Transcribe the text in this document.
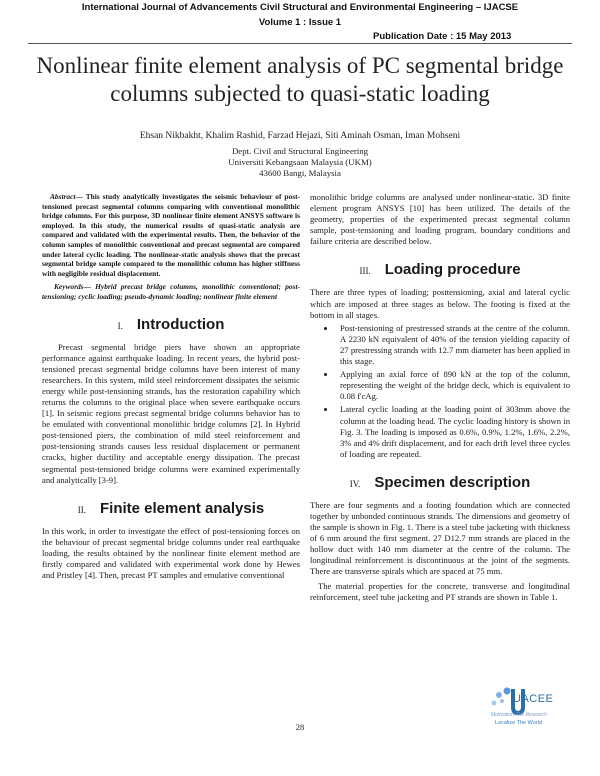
International Journal of Advancements Civil Structural and Environmental Engineering – IJACSE
Volume 1 : Issue 1
Publication Date : 15 May 2013
Nonlinear finite element analysis of PC segmental bridge columns subjected to quasi-static loading
Ehsan Nikbakht, Khalim Rashid, Farzad Hejazi, Siti Aminah Osman, Iman Mohseni
Dept. Civil and Structural Engineering
Universiti Kebangsaan Malaysia (UKM)
43600 Bangi, Malaysia

Abstract— This study analytically investigates the seismic behaviour of post-tensioned precast segmental columns comparing with conventional monolithic bridge columns. For this purpose, 3D nonlinear finite element ANSYS software is employed. In this study, the numerical results of quasi-static analysis are compared and validated with the experimental results. Then, the behavior of the column samples of monolithic conventional and precast segmental are compared under lateral cyclic loading. The nonlinear-static analysis shows that the precast segmental bridge sample compared to the monolithic column has higher stiffness with negligible residual displacement.

Keywords— Hybrid precast bridge columns, monolithic conventional; post-tensioning; cyclic loading; pseudo-dynamic loading; nonlinear finite element

I. Introduction

Precast segmental bridge piers have shown an appropriate performance against earthquake loading. In recent years, the hybrid post-tensioned precast segmental bridge columns have been interest of many researchers. In this system, mild steel reinforcement dissipates the seismic energy while post-tensioning strands, has the restoration capability which returns the columns to the original place when severe earthquake occurs [1]. In seismic regions precast segmental bridge columns behavior has to be emulated with conventional monolithic bridge columns [2]. In Hybrid post-tensioned piers, the combination of mild steel reinforcement and post-tensioning strands causes less residual displacement or permanent cracks, higher ductility and acceptable energy dissipation. The precast segmental post-tensioned bridge columns were examined experimentally and analytically [3-9].

II. Finite element analysis

In this work, in order to investigate the effect of post-tensioning forces on the behaviour of precast segmental bridge columns under real earthquake loading, the results obtained by the nonlinear finite element method are firstly compared and validated with experimental work done by Hewes and Pristley [4]. Then, precast PT samples and emulative conventional

monolithic bridge columns are analysed under nonlinear-static. 3D finite element program ANSYS [10] has been utilized. The details of the geometry, properties of the experimented precast segmental column sample, post-tensioning and loading program, boundary conditions and failure criteria are described below.

III. Loading procedure

There are three types of loading; posttensioning, axial and lateral cyclic which are imposed at three stages as below. The footing is fixed at the bottom in all stages.

• Post-tensioning of prestressed strands at the centre of the column. A 2230 kN equivalent of 40% of the tension yielding capacity of 27 prestressing strands with 12.7 mm diameter has been applied in this stage.
• Applying an axial force of 890 kN at the top of the column, representing the weight of the bridge deck, which is equivalent to 0.08 f'cAg.
• Lateral cyclic loading at the loading point of 303mm above the column at the loading head. The cyclic loading history is shown in Fig. 3. The loading is imposed as 0.6%, 0.9%, 1.2%, 1.6%, 2.2%, 3% and 4% drift displacement, and for each drift level three cycles of loading are repeated.
IV. Specimen description

There are four segments and a footing foundation which are connected together by unbonded continuous strands. The dimensions and geometry of the sample is shown in Fig. 1. There is a steel tube jacketing with thickness of 6 mm around the first segment. 27 D12.7 mm strands are placed in the hollow duct with 140 mm diameter at the centre of the column. The longitudinal reinforcement is discontinuous at the joint of the segments. There are transverse spirals which are spaced at 75 mm.

The material properties for the concrete, transverse and longitudinal reinforcement, steel tube jacketing and PT strands are shown in Table 1.

28
UACEE
Motivation-The Research
Localize The World
